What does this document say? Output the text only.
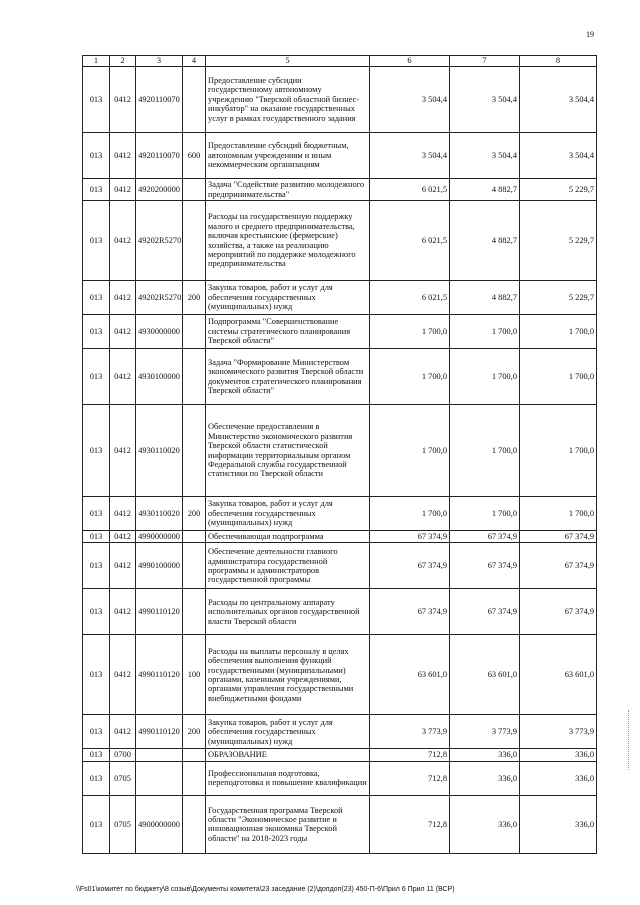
19
1	2	3	4	5	6	7	8
013	0412	4920110070		Предоставление субсидии государственному автономному учреждению "Тверской областной бизнес-инкубатор" на оказание государственных услуг в рамках государственного задания	3 504,4	3 504,4	3 504,4
013	0412	4920110070	600	Предоставление субсидий бюджетным, автономным учреждениям и иным некоммерческим организациям	3 504,4	3 504,4	3 504,4
013	0412	4920200000		Задача "Содействие развитию молодежного предпринимательства"	6 021,5	4 882,7	5 229,7
013	0412	49202R5270		Расходы на государственную поддержку малого и среднего предпринимательства, включая крестьянские (фермерские) хозяйства, а также на реализацию мероприятий по поддержке молодежного предпринимательства	6 021,5	4 882,7	5 229,7
013	0412	49202R5270	200	Закупка товаров, работ и услуг для обеспечения государственных (муниципальных) нужд	6 021,5	4 882,7	5 229,7
013	0412	4930000000		Подпрограмма "Совершенствование системы стратегического планирования Тверской области"	1 700,0	1 700,0	1 700,0
013	0412	4930100000		Задача "Формирование Министерством экономического развития Тверской области документов стратегического планирования Тверской области"	1 700,0	1 700,0	1 700,0
013	0412	4930110020		Обеспечение предоставления в Министерство экономического развития Тверской области статистической информации территориальным органом Федеральной службы государственной статистики по Тверской области	1 700,0	1 700,0	1 700,0
013	0412	4930110020	200	Закупка товаров, работ и услуг для обеспечения государственных (муниципальных) нужд	1 700,0	1 700,0	1 700,0
013	0412	4990000000		Обеспечивающая подпрограмма	67 374,9	67 374,9	67 374,9
013	0412	4990100000		Обеспечение деятельности главного администратора государственной программы и администраторов государственной программы	67 374,9	67 374,9	67 374,9
013	0412	4990110120		Расходы по центральному аппарату исполнительных органов государственной власти Тверской области	67 374,9	67 374,9	67 374,9
013	0412	4990110120	100	Расходы на выплаты персоналу в целях обеспечения выполнения функций государственными (муниципальными) органами, казенными учреждениями, органами управления государственными внебюджетными фондами	63 601,0	63 601,0	63 601,0
013	0412	4990110120	200	Закупка товаров, работ и услуг для обеспечения государственных (муниципальных) нужд	3 773,9	3 773,9	3 773,9
013	0700			ОБРАЗОВАНИЕ	712,8	336,0	336,0
013	0705			Профессиональная подготовка, переподготовка и повышение квалификации	712,8	336,0	336,0
013	0705	4900000000		Государственная программа Тверской области "Экономическое развитие и инновационная экономика Тверской области" на 2018-2023 годы	712,8	336,0	336,0
\\Fs01\комитет по бюджету\8 созыв\Документы комитета\23 заседание (2)\допдоп(23) 450-П-6\Прил 6 Прил 11 (ВСР)
